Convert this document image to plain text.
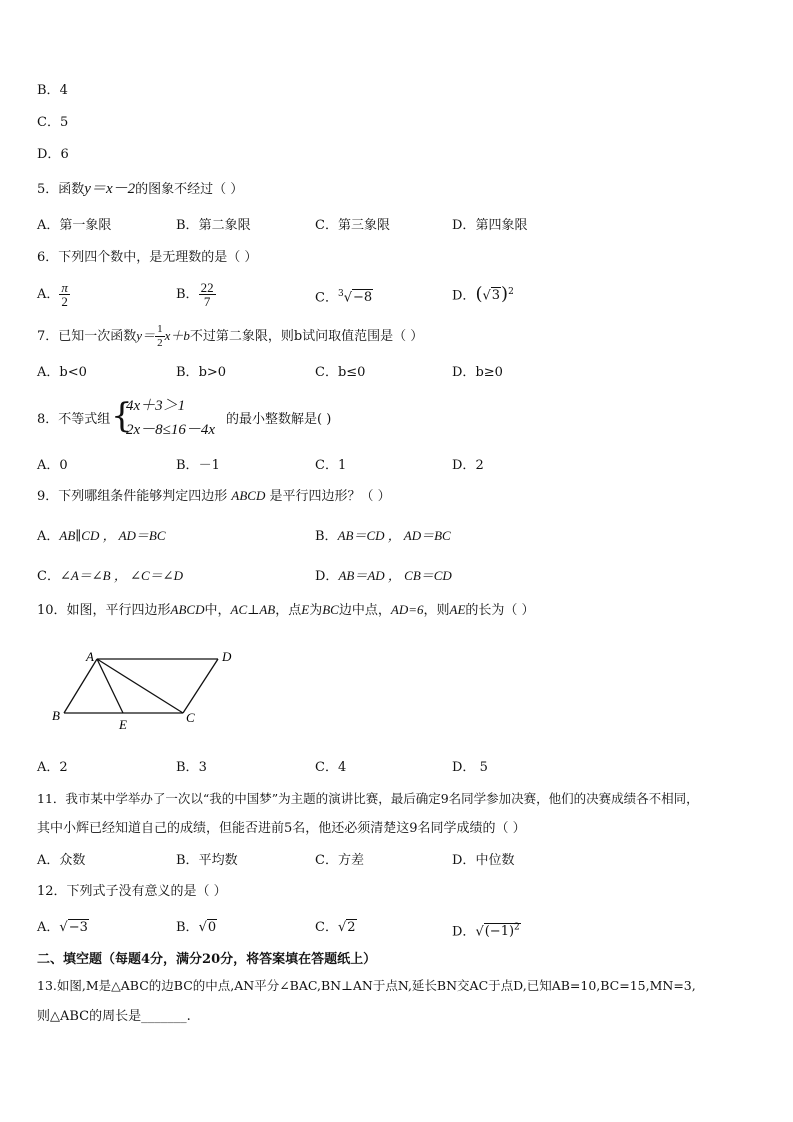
B．4
C．5
D．6
5．函数y＝x－2的图象不经过（ ）
A．第一象限	B．第二象限	C．第三象限	D．第四象限
6．下列四个数中，是无理数的是（ ）
A． $\frac{\pi}{2}$	B． $\frac{22}{7}$	C．$^3$√−8	D．$(√3)^2$
7．已知一次函数$y= \frac{1}{2} x+b$不过第二象限，则b试问取值范围是（ ）
A．b<0	B．b>0	C．b≤0	D．b≥0
8．不等式组 {
4x＋3＞1
2x－8≤16－4x
的最小整数解是( )
A．0	B．－1	C．1	D．2
9．下列哪组条件能够判定四边形 ABCD 是平行四边形？（ ）
A．AB∥CD ， AD＝BC	B．AB＝CD ， AD＝BC
C．∠A＝∠B ， ∠C＝∠D	D．AB＝AD ， CB＝CD
10．如图，平行四边形ABCD中，AC⊥AB，点E为BC边中点，AD=6，则AE的长为（ ）
A	D
B	C
E
A．2	B．3	C．4	D． 5
11．我市某中学举办了一次以“我的中国梦”为主题的演讲比赛，最后确定9名同学参加决赛，他们的决赛成绩各不相同，
其中小辉已经知道自己的成绩，但能否进前5名，他还必须清楚这9名同学成绩的（ ）
A．众数	B．平均数	C．方差	D．中位数
12．下列式子没有意义的是（ ）
A．√−3	B．√0	C．√2	D．$√(-1)^2$
二、填空题（每题4分，满分20分，将答案填在答题纸上）
13.如图,M是△ABC的边BC的中点,AN平分∠BAC,BN⊥AN于点N,延长BN交AC于点D,已知AB=10,BC=15,MN=3,
则△ABC的周长是_______.
